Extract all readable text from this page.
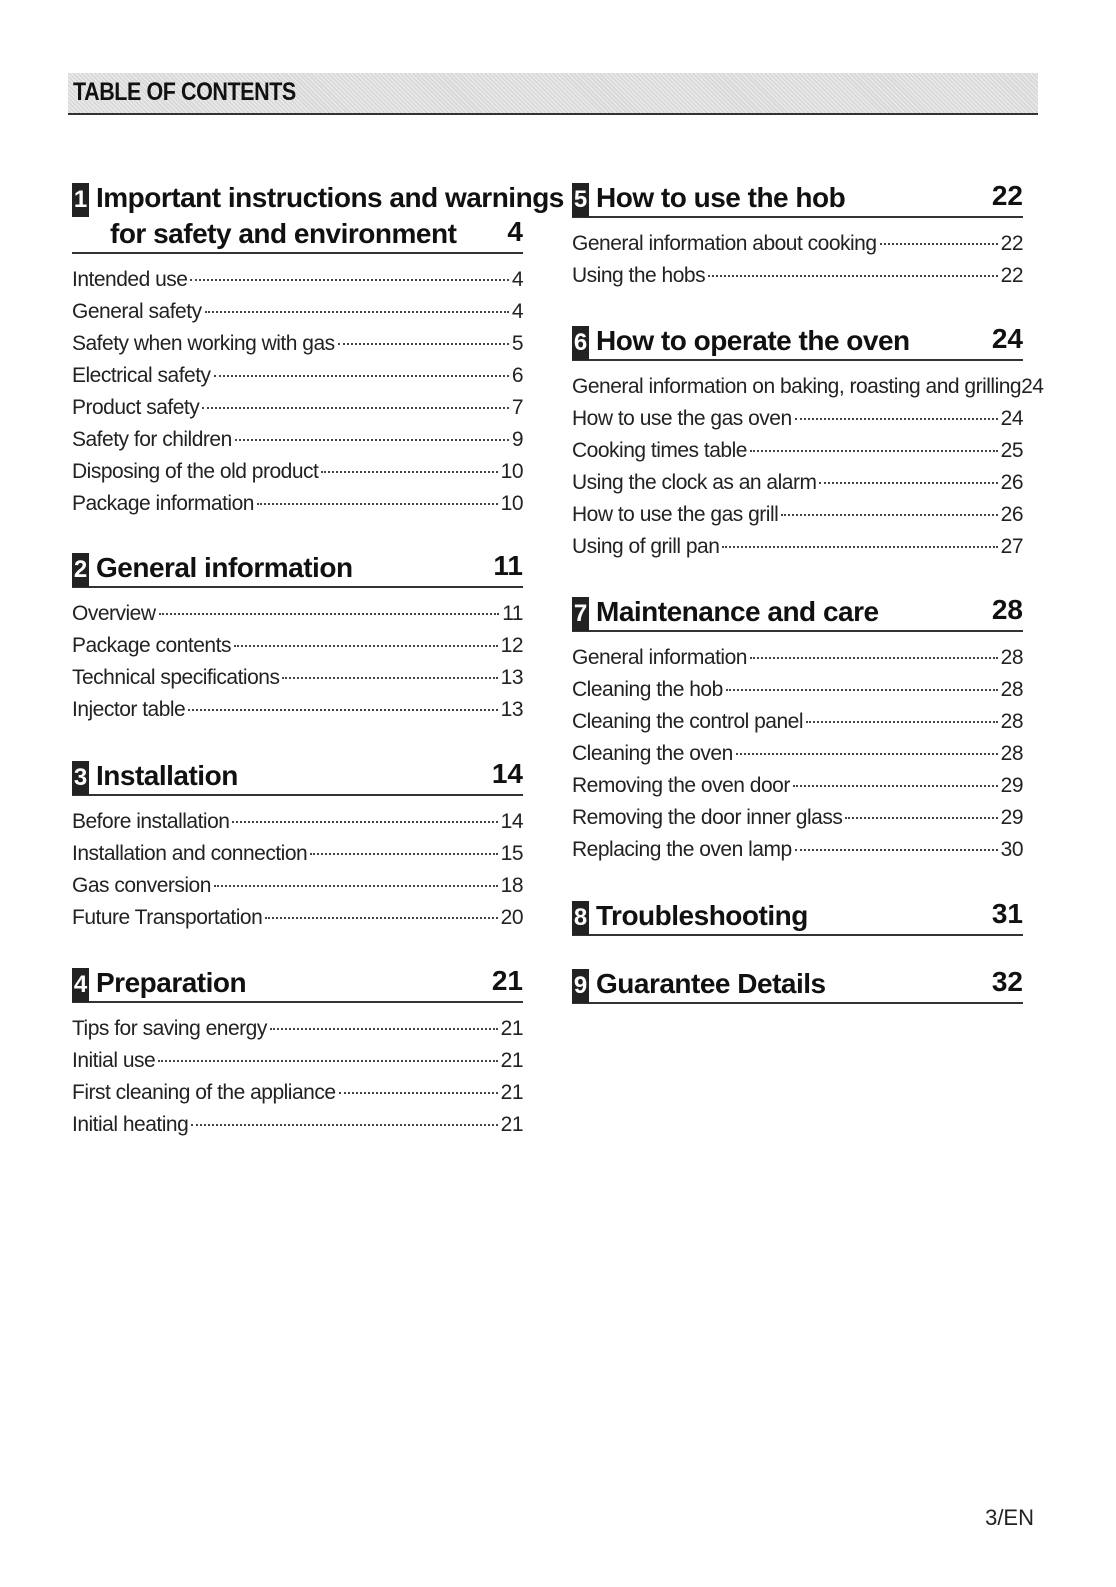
TABLE OF CONTENTS
1 Important instructions and warnings
for safety and environment	4
Intended use	4
General safety	4
Safety when working with gas	5
Electrical safety	6
Product safety	7
Safety for children	9
Disposing of the old product	10
Package information	10
2 General information	11
Overview	11
Package contents	12
Technical specifications	13
Injector table	13
3 Installation	14
Before installation	14
Installation and connection	15
Gas conversion	18
Future Transportation	20
4 Preparation	21
Tips for saving energy	21
Initial use	21
First cleaning of the appliance	21
Initial heating	21
5 How to use the hob	22
General information about cooking	22
Using the hobs	22
6 How to operate the oven	24
General information on baking, roasting and grilling 24
How to use the gas oven	24
Cooking times table	25
Using the clock as an alarm	26
How to use the gas grill	26
Using of grill pan	27
7 Maintenance and care	28
General information	28
Cleaning the hob	28
Cleaning the control panel	28
Cleaning the oven	28
Removing the oven door	29
Removing the door inner glass	29
Replacing the oven lamp	30
8 Troubleshooting	31
9 Guarantee Details	32
3/EN
